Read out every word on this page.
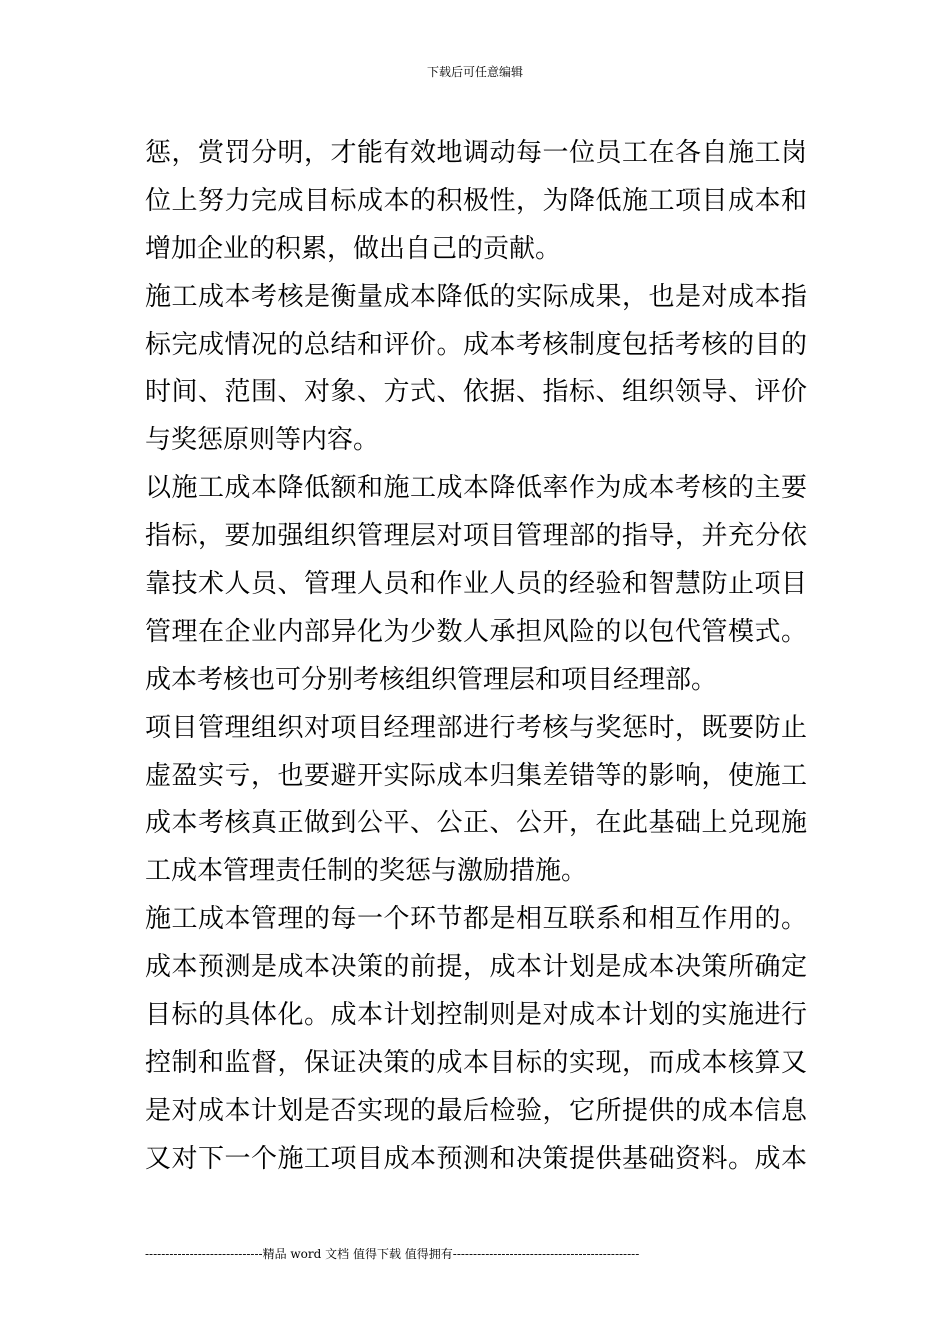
下载后可任意编辑
惩，赏罚分明，才能有效地调动每一位员工在各自施工岗
位上努力完成目标成本的积极性，为降低施工项目成本和
增加企业的积累，做出自己的贡献。
施工成本考核是衡量成本降低的实际成果，也是对成本指
标完成情况的总结和评价。成本考核制度包括考核的目的
时间、范围、对象、方式、依据、指标、组织领导、评价
与奖惩原则等内容。
以施工成本降低额和施工成本降低率作为成本考核的主要
指标，要加强组织管理层对项目管理部的指导，并充分依
靠技术人员、管理人员和作业人员的经验和智慧防止项目
管理在企业内部异化为少数人承担风险的以包代管模式。
成本考核也可分别考核组织管理层和项目经理部。
项目管理组织对项目经理部进行考核与奖惩时，既要防止
虚盈实亏，也要避开实际成本归集差错等的影响，使施工
成本考核真正做到公平、公正、公开，在此基础上兑现施
工成本管理责任制的奖惩与激励措施。
施工成本管理的每一个环节都是相互联系和相互作用的。
成本预测是成本决策的前提，成本计划是成本决策所确定
目标的具体化。成本计划控制则是对成本计划的实施进行
控制和监督，保证决策的成本目标的实现，而成本核算又
是对成本计划是否实现的最后检验，它所提供的成本信息
又对下一个施工项目成本预测和决策提供基础资料。成本
-----------------------------精品 word 文档 值得下载 值得拥有----------------------------------------------
